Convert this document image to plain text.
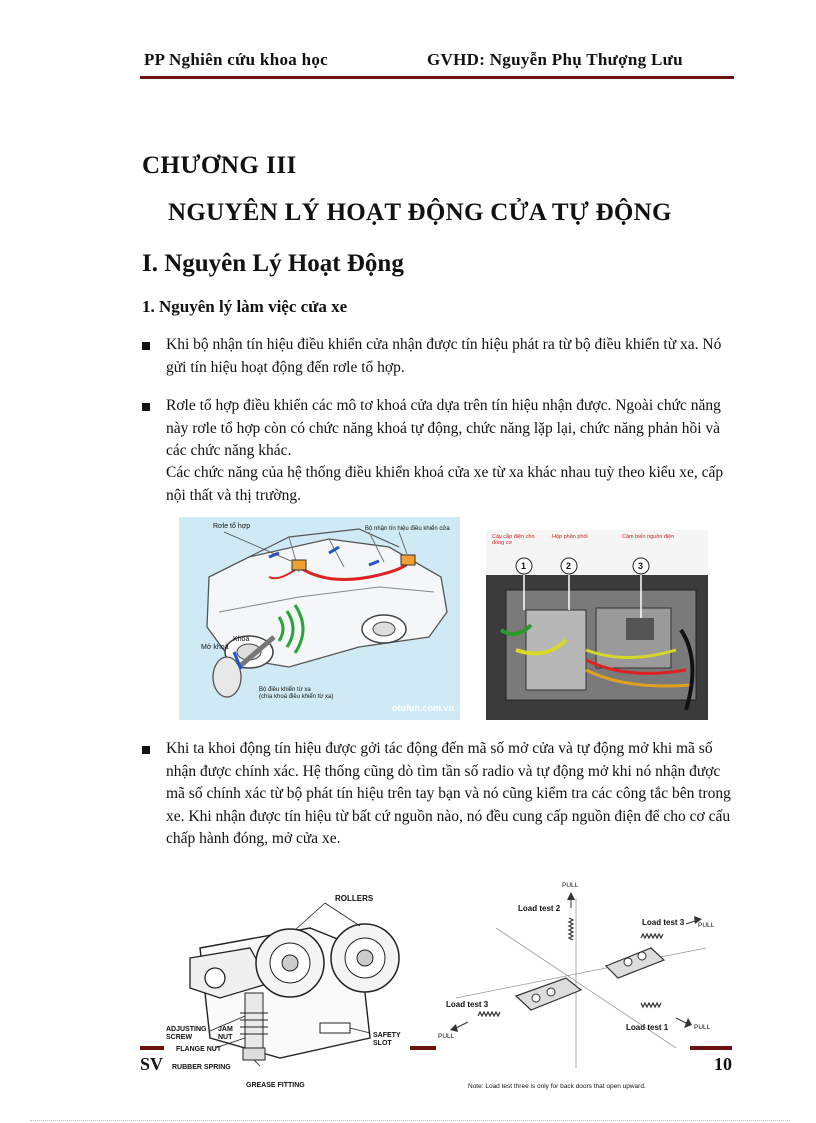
PP Nghiên cứu khoa học	GVHD: Nguyễn Phụ Thượng Lưu
CHƯƠNG III
NGUYÊN LÝ HOẠT ĐỘNG CỬA TỰ ĐỘNG
I. Nguyên Lý Hoạt Động
1. Nguyên lý làm việc cửa xe
Khi bộ nhận tín hiệu điều khiển cửa nhận được tín hiệu phát ra từ bộ điều khiển từ xa. Nó gửi tín hiệu hoạt động đến rơle tổ hợp.
Rơle tổ hợp điều khiển các mô tơ khoá cửa dựa trên tín hiệu nhận được. Ngoài chức năng này rơle tổ hợp còn có chức năng khoá tự động, chức năng lặp lại, chức năng phản hồi và các chức năng khác.
Các chức năng của hệ thống điều khiển khoá cửa xe từ xa khác nhau tuỳ theo kiểu xe, cấp nội thất và thị trường.
Rơle tổ hợp	Bộ nhận tín hiệu điều khiển cửa
Khoá
Mở khoá
Bộ điều khiển từ xa
(chìa khoá điều khiển từ xa)
otofun.com.vn
Cây cắp điện cho đồng cơ
Hộp phân phối	Cảm biến nguồn điện
1	2	3
Khi ta khoi động tín hiệu được gởi tác động đến mã số mở cửa và tự động mở khi mã số nhận được chính xác. Hệ thống cũng dò tìm tần số radio và tự động mở khi nó nhận được mã số chính xác từ bộ phát tín hiệu trên tay bạn và nó cũng kiểm tra các công tắc bên trong xe. Khi nhận được tín hiệu từ bất cứ nguồn nào, nó đều cung cấp nguồn điện để cho cơ cấu chấp hành đóng, mở cửa xe.
ROLLERS
ADJUSTING
SCREW
JAM
NUT
FLANGE NUT
RUBBER SPRING
GREASE FITTING
SAFETY
SLOT
PULL
Load test 2
Load test 3 PULL
Load test 3
PULL
Load test 1	PULL
Note: Load test three is only for back doors that open upward.
SV	10
